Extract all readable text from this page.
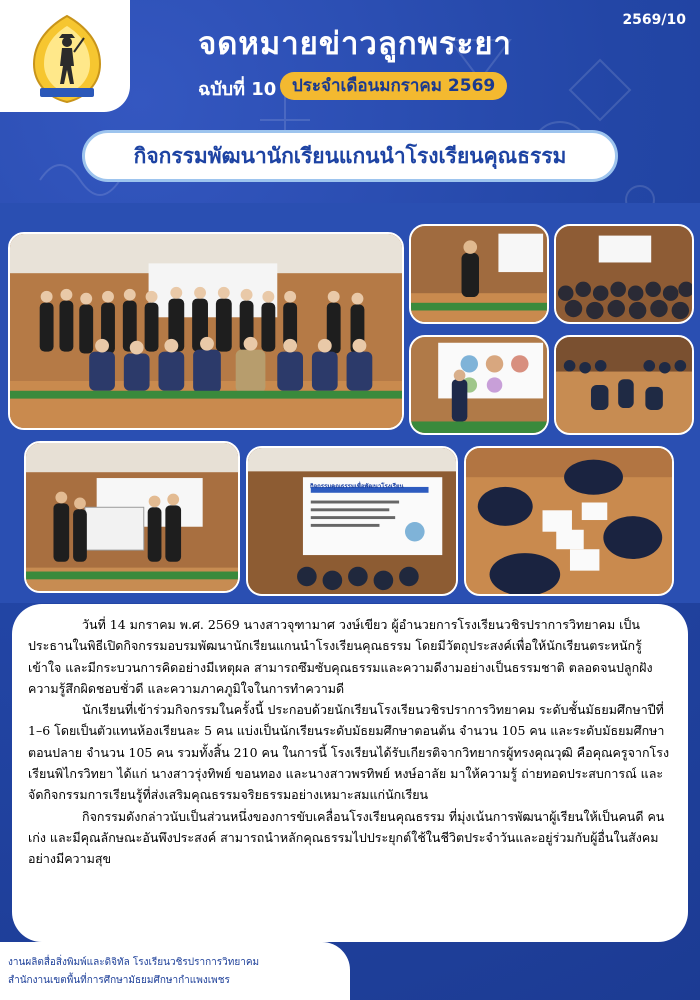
2569/10
จดหมายข่าวลูกพระยา
ฉบับที่ 10 ประจำเดือนมกราคม 2569
กิจกรรมพัฒนานักเรียนแกนนำโรงเรียนคุณธรรม
กิจกรรมคุณธรรมเพื่อพัฒนาโรงเรียน

วันที่ 14 มกราคม พ.ศ. 2569 นางสาวจุฑามาศ วงษ์เขียว ผู้อำนวยการโรงเรียนวชิรปราการวิทยาคม เป็นประธานในพิธีเปิดกิจกรรมอบรมพัฒนานักเรียนแกนนำโรงเรียนคุณธรรม โดยมีวัตถุประสงค์เพื่อให้นักเรียนตระหนักรู้ เข้าใจ และมีกระบวนการคิดอย่างมีเหตุผล สามารถซึมซับคุณธรรมและความดีงามอย่างเป็นธรรมชาติ ตลอดจนปลูกฝังความรู้สึกผิดชอบชั่วดี และความภาคภูมิใจในการทำความดี

นักเรียนที่เข้าร่วมกิจกรรมในครั้งนี้ ประกอบด้วยนักเรียนโรงเรียนวชิรปราการวิทยาคม ระดับชั้นมัธยมศึกษาปีที่ 1–6 โดยเป็นตัวแทนห้องเรียนละ 5 คน แบ่งเป็นนักเรียนระดับมัธยมศึกษาตอนต้น จำนวน 105 คน และระดับมัธยมศึกษาตอนปลาย จำนวน 105 คน รวมทั้งสิ้น 210 คน ในการนี้ โรงเรียนได้รับเกียรติจากวิทยากรผู้ทรงคุณวุฒิ คือคุณครูจากโรงเรียนพิไกรวิทยา ได้แก่ นางสาวรุ่งทิพย์ ขอนทอง และนางสาวพรทิพย์ หงษ์อาลัย มาให้ความรู้ ถ่ายทอดประสบการณ์ และจัดกิจกรรมการเรียนรู้ที่ส่งเสริมคุณธรรมจริยธรรมอย่างเหมาะสมแก่นักเรียน

กิจกรรมดังกล่าวนับเป็นส่วนหนึ่งของการขับเคลื่อนโรงเรียนคุณธรรม ที่มุ่งเน้นการพัฒนาผู้เรียนให้เป็นคนดี คนเก่ง และมีคุณลักษณะอันพึงประสงค์ สามารถนำหลักคุณธรรมไปประยุกต์ใช้ในชีวิตประจำวันและอยู่ร่วมกับผู้อื่นในสังคมอย่างมีความสุข

งานผลิตสื่อสิ่งพิมพ์และดิจิทัล โรงเรียนวชิรปราการวิทยาคม
สำนักงานเขตพื้นที่การศึกษามัธยมศึกษากำแพงเพชร
